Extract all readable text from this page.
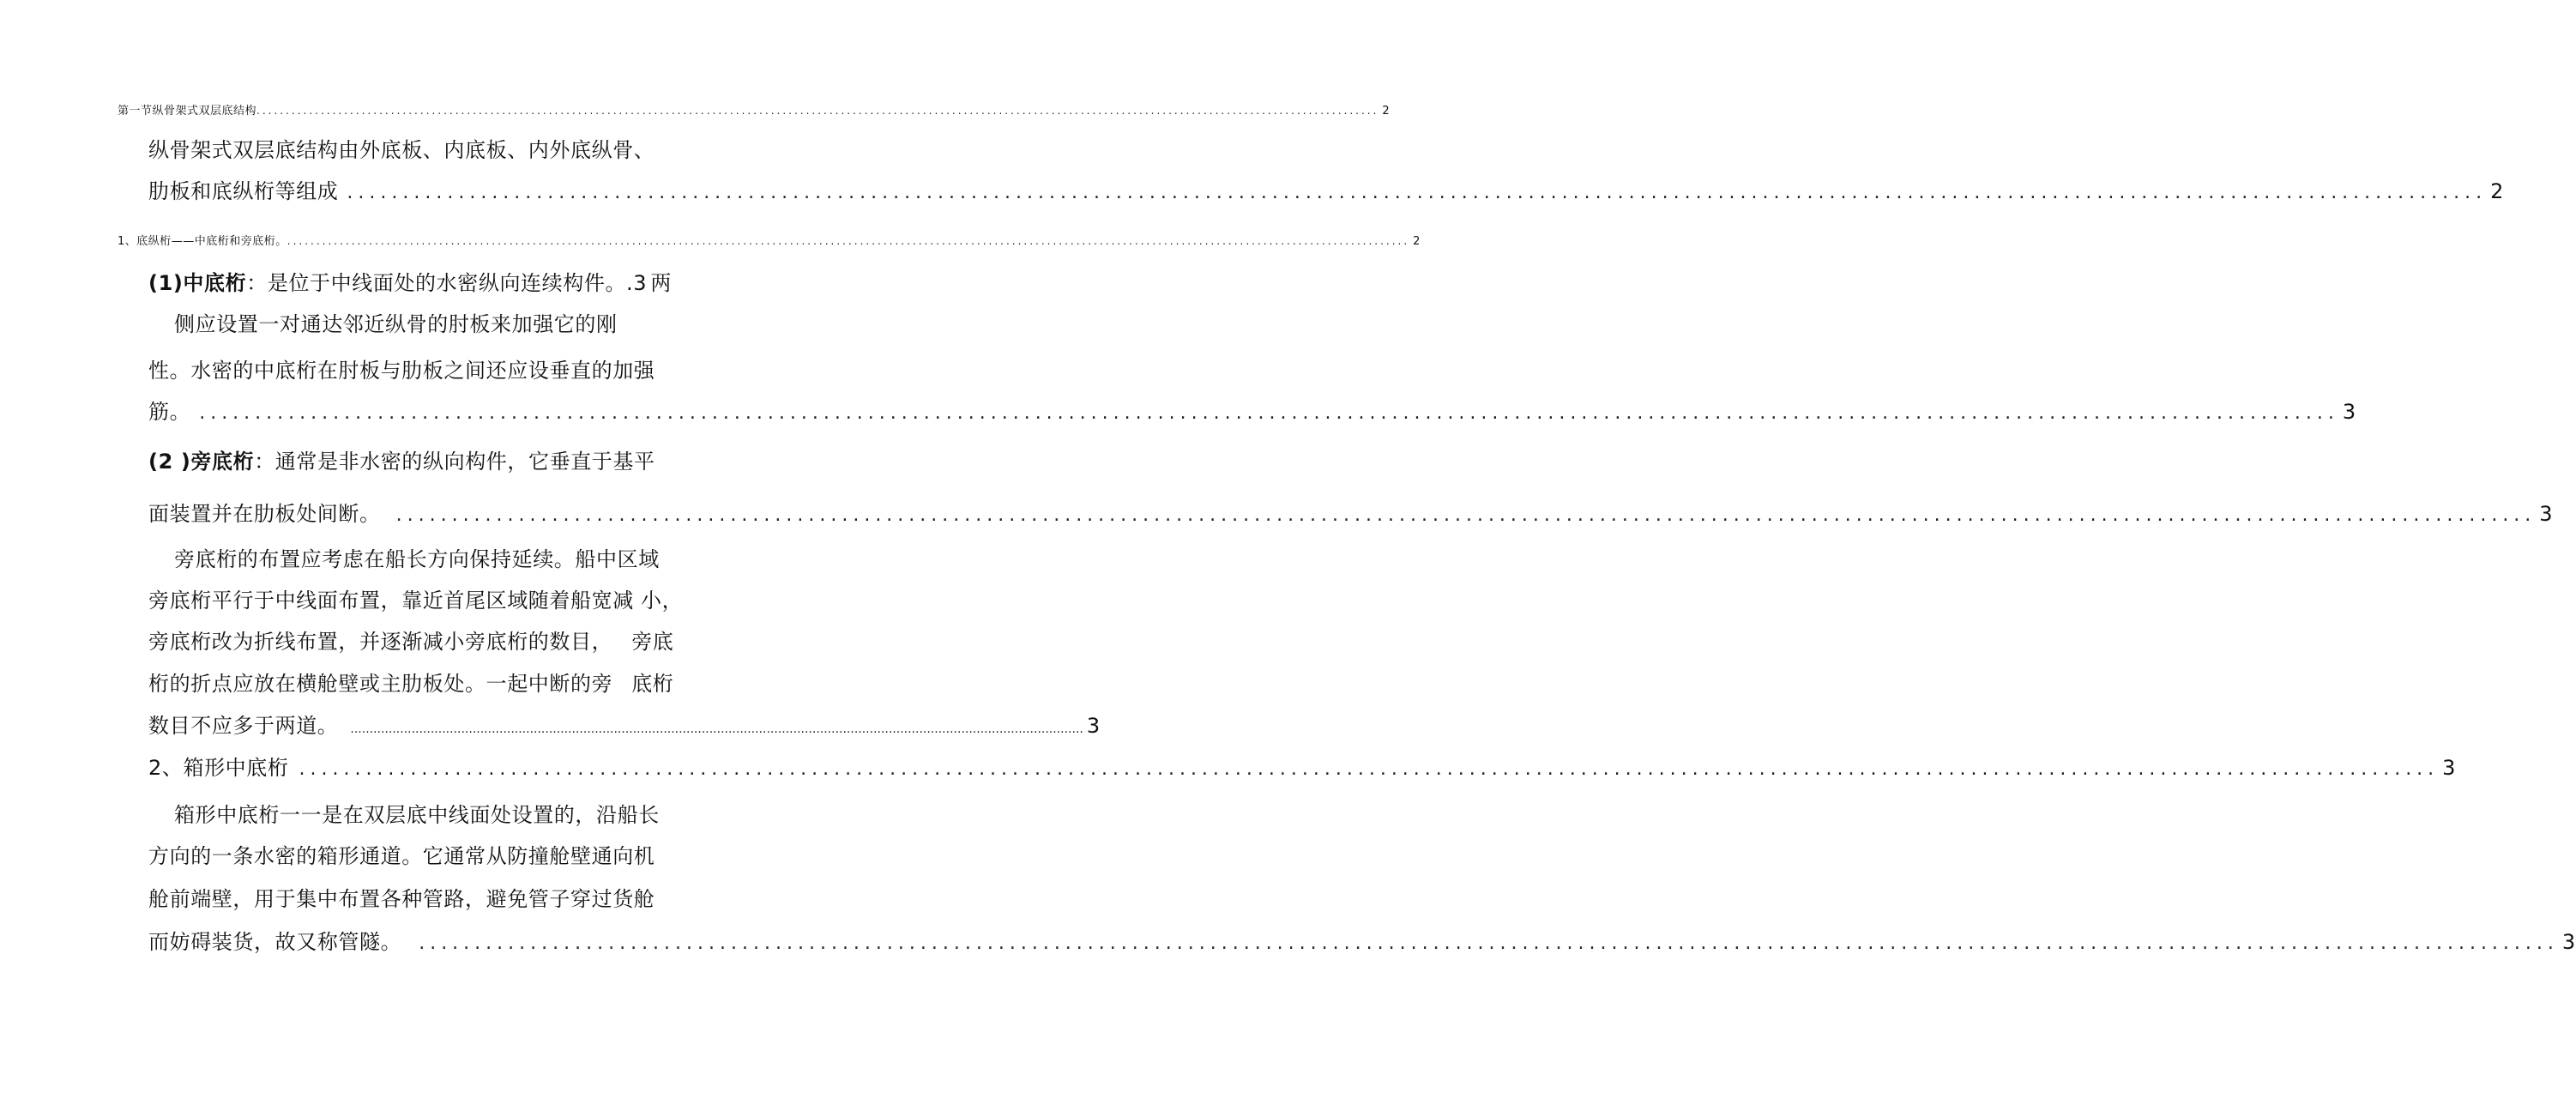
第一节纵骨架式双层底结构 ................................................................................................................................................................................................ 2
纵骨架式双层底结构由外底板、内底板、内外底纵骨、
肋板和底纵桁等组成 ................................................................................................................................................................................................ 2
1、底纵桁——中底桁和旁底桁。 ................................................................................................................................................................................................ 2
(1)中底桁 ：是位于中线面处的水密纵向连续构件。.3 两
侧应设置一对通达邻近纵骨的肘板来加强它的刚
性。水密的中底桁在肘板与肋板之间还应设垂直的加强
筋。 ................................................................................................................................................................................................ 3
(2 )旁底桁 ：通常是非水密的纵向构件，它垂直于基平
面装置并在肋板处间断。 ................................................................................................................................................................................................ 3
旁底桁的布置应考虑在船长方向保持延续。船中区域
旁底桁平行于中线面布置，靠近首尾区域随着船宽减 小，
旁底桁改为折线布置，并逐渐减小旁底桁的数目， 旁底
桁的折点应放在横舱壁或主肋板处。一起中断的旁 底桁
数目不应多于两道。	................................................................................................................................................................................................ 3
2、箱形中底桁 ................................................................................................................................................................................................ 3
箱形中底桁一一是在双层底中线面处设置的，沿船长
方向的一条水密的箱形通道。它通常从防撞舱壁通向机
舱前端壁，用于集中布置各种管路，避免管子穿过货舱
而妨碍装货，故又称管隧。 ................................................................................................................................................................................................ 3
